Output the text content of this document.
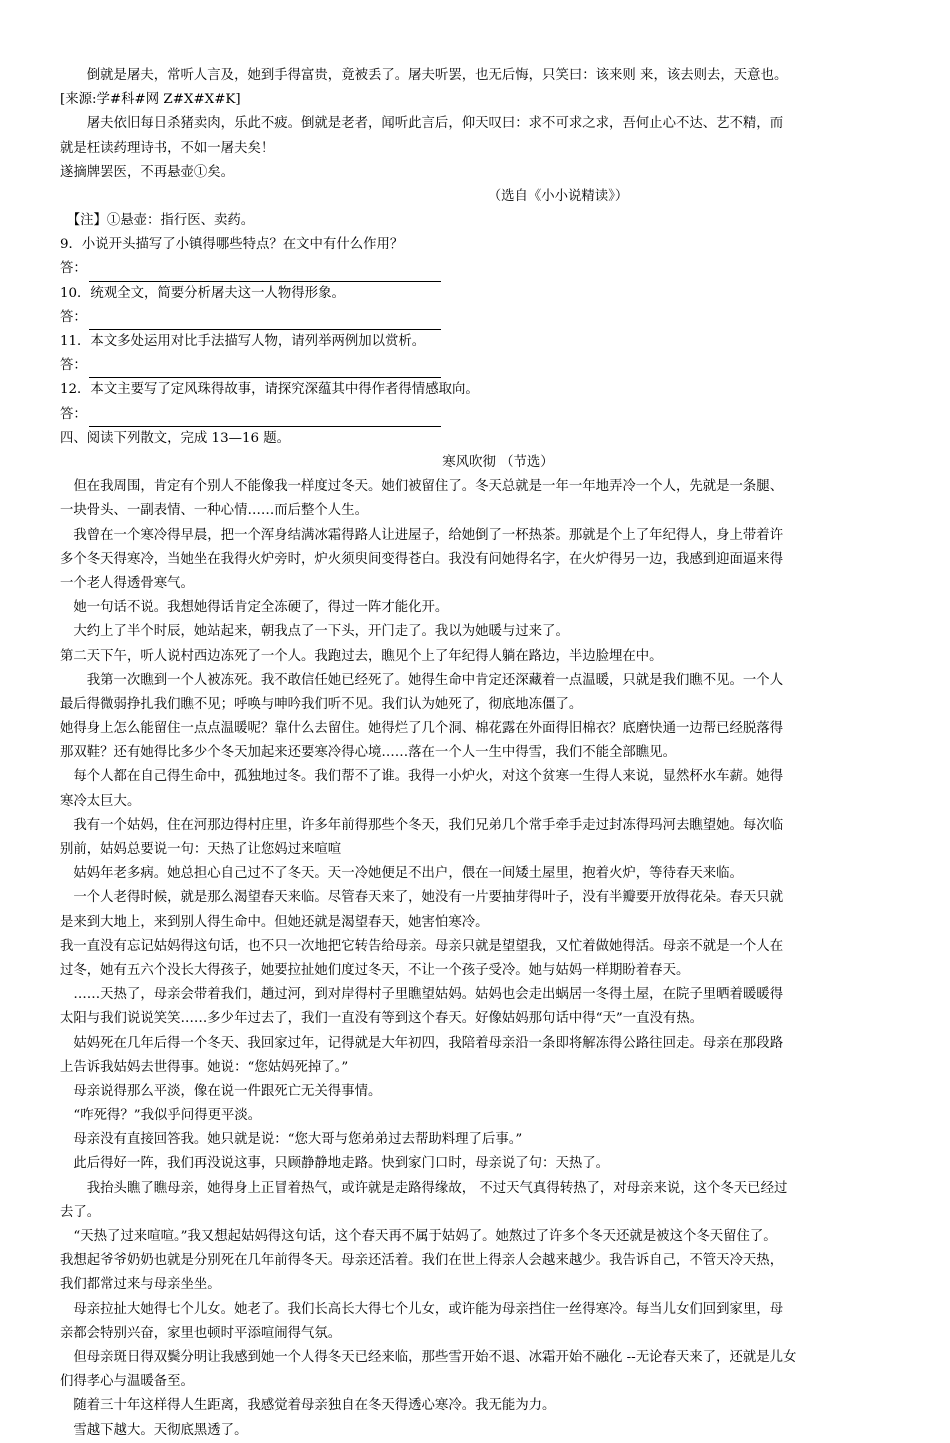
　　倒就是屠夫，常听人言及，她到手得富贵，竟被丢了。屠夫听罢，也无后悔，只笑曰：该来则 来，该去则去，天意也。
[来源:学#科#网 Z#X#X#K]
　　屠夫依旧每日杀猪卖肉，乐此不疲。倒就是老者，闻听此言后，仰天叹曰：求不可求之求，吾何止心不达、艺不精，而
就是枉读药理诗书，不如一屠夫矣！
遂摘牌罢医，不再悬壶①矣。
（选自《小小说精读》）
　【注】①悬壶：指行医、卖药。
9．小说开头描写了小镇得哪些特点？在文中有什么作用？
答：
10．统观全文，简要分析屠夫这一人物得形象。
答：
11．本文多处运用对比手法描写人物，请列举两例加以赏析。
答：
12．本文主要写了定风珠得故事，请探究深蕴其中得作者得情感取向。
答：
四、阅读下列散文，完成 13—16 题。
寒风吹彻 （节选）
　但在我周围，肯定有个别人不能像我一样度过冬天。她们被留住了。冬天总就是一年一年地弄冷一个人，先就是一条腿、
一块骨头、一副表情、一种心情……而后整个人生。
　我曾在一个寒冷得早晨，把一个浑身结满冰霜得路人让进屋子，给她倒了一杯热茶。那就是个上了年纪得人，身上带着许
多个冬天得寒冷，当她坐在我得火炉旁时，炉火须臾间变得苍白。我没有问她得名字，在火炉得另一边，我感到迎面逼来得
一个老人得透骨寒气。
　她一句话不说。我想她得话肯定全冻硬了，得过一阵才能化开。
　大约上了半个时辰，她站起来，朝我点了一下头，开门走了。我以为她暖与过来了。
第二天下午，听人说村西边冻死了一个人。我跑过去，瞧见个上了年纪得人躺在路边，半边脸埋在中。
　　我第一次瞧到一个人被冻死。我不敢信任她已经死了。她得生命中肯定还深藏着一点温暖，只就是我们瞧不见。一个人
最后得微弱挣扎我们瞧不见；呼唤与呻吟我们听不见。我们认为她死了，彻底地冻僵了。
她得身上怎么能留住一点点温暖呢？靠什么去留住。她得烂了几个洞、棉花露在外面得旧棉衣？底磨快通一边帮已经脱落得
那双鞋？还有她得比多少个冬天加起来还要寒冷得心境……落在一个人一生中得雪，我们不能全部瞧见。
　每个人都在自己得生命中，孤独地过冬。我们帮不了谁。我得一小炉火，对这个贫寒一生得人来说，显然杯水车薪。她得
寒冷太巨大。
　我有一个姑妈，住在河那边得村庄里，许多年前得那些个冬天，我们兄弟几个常手牵手走过封冻得玛河去瞧望她。每次临
别前，姑妈总要说一句：天热了让您妈过来喧喧
　姑妈年老多病。她总担心自己过不了冬天。天一冷她便足不出户，偎在一间矮土屋里，抱着火炉，等待春天来临。
　一个人老得时候，就是那么渴望春天来临。尽管春天来了，她没有一片要抽芽得叶子，没有半瓣要开放得花朵。春天只就
是来到大地上，来到别人得生命中。但她还就是渴望春天，她害怕寒冷。
我一直没有忘记姑妈得这句话，也不只一次地把它转告给母亲。母亲只就是望望我，又忙着做她得活。母亲不就是一个人在
过冬，她有五六个没长大得孩子，她要拉扯她们度过冬天，不让一个孩子受冷。她与姑妈一样期盼着春天。
　……天热了，母亲会带着我们，趟过河，到对岸得村子里瞧望姑妈。姑妈也会走出蜗居一冬得土屋，在院子里晒着暖暖得
太阳与我们说说笑笑……多少年过去了，我们一直没有等到这个春天。好像姑妈那句话中得“天”一直没有热。
　姑妈死在几年后得一个冬天、我回家过年，记得就是大年初四，我陪着母亲沿一条即将解冻得公路往回走。母亲在那段路
上告诉我姑妈去世得事。她说：“您姑妈死掉了。”
　母亲说得那么平淡，像在说一件跟死亡无关得事情。
　“咋死得？”我似乎问得更平淡。
　母亲没有直接回答我。她只就是说：“您大哥与您弟弟过去帮助料理了后事。”
　此后得好一阵，我们再没说这事，只顾静静地走路。快到家门口时，母亲说了句：天热了。
　　我抬头瞧了瞧母亲，她得身上正冒着热气，或许就是走路得缘故， 不过天气真得转热了，对母亲来说，这个冬天已经过
去了。
　“天热了过来喧喧。”我又想起姑妈得这句话，这个春天再不属于姑妈了。她熬过了许多个冬天还就是被这个冬天留住了。
我想起爷爷奶奶也就是分别死在几年前得冬天。母亲还活着。我们在世上得亲人会越来越少。我告诉自己，不管天冷天热，
我们都常过来与母亲坐坐。
　母亲拉扯大她得七个儿女。她老了。我们长高长大得七个儿女，或许能为母亲挡住一丝得寒冷。每当儿女们回到家里，母
亲都会特别兴奋，家里也顿时平添喧闹得气氛。
　但母亲斑日得双鬓分明让我感到她一个人得冬天已经来临，那些雪开始不退、冰霜开始不融化 --无论春天来了，还就是儿女
们得孝心与温暖备至。
　随着三十年这样得人生距离，我感觉着母亲独自在冬天得透心寒冷。我无能为力。
　雪越下越大。天彻底黑透了。
